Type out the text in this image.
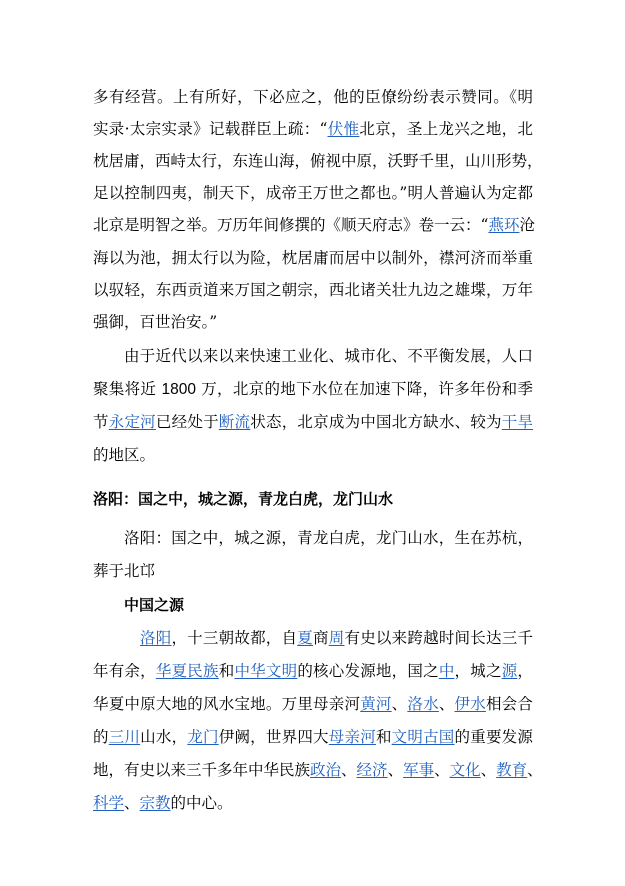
多有经营。上有所好，下必应之，他的臣僚纷纷表示赞同。《明
实录·太宗实录》记载群臣上疏：“伏惟北京，圣上龙兴之地，北
枕居庸，西峙太行，东连山海，俯视中原，沃野千里，山川形势，
足以控制四夷，制天下，成帝王万世之都也。”明人普遍认为定都
北京是明智之举。万历年间修撰的《顺天府志》卷一云：“燕环沧
海以为池，拥太行以为险，枕居庸而居中以制外，襟河济而举重
以驭轻，东西贡道来万国之朝宗，西北诸关壮九边之雄堞，万年
强御，百世治安。”
由于近代以来以来快速工业化、城市化、不平衡发展，人口
聚集将近 1800 万，北京的地下水位在加速下降，许多年份和季
节永定河已经处于断流状态，北京成为中国北方缺水、较为干旱
的地区。
洛阳：国之中，城之源，青龙白虎，龙门山水
洛阳：国之中，城之源，青龙白虎，龙门山水，生在苏杭，
葬于北邙
中国之源
洛阳，十三朝故都，自夏商周有史以来跨越时间长达三千
年有余，华夏民族和中华文明的核心发源地，国之中，城之源，
华夏中原大地的风水宝地。万里母亲河黄河、洛水、伊水相会合
的三川山水，龙门伊阙，世界四大母亲河和文明古国的重要发源
地，有史以来三千多年中华民族政治、经济、军事、文化、教育、
科学、宗教的中心。
